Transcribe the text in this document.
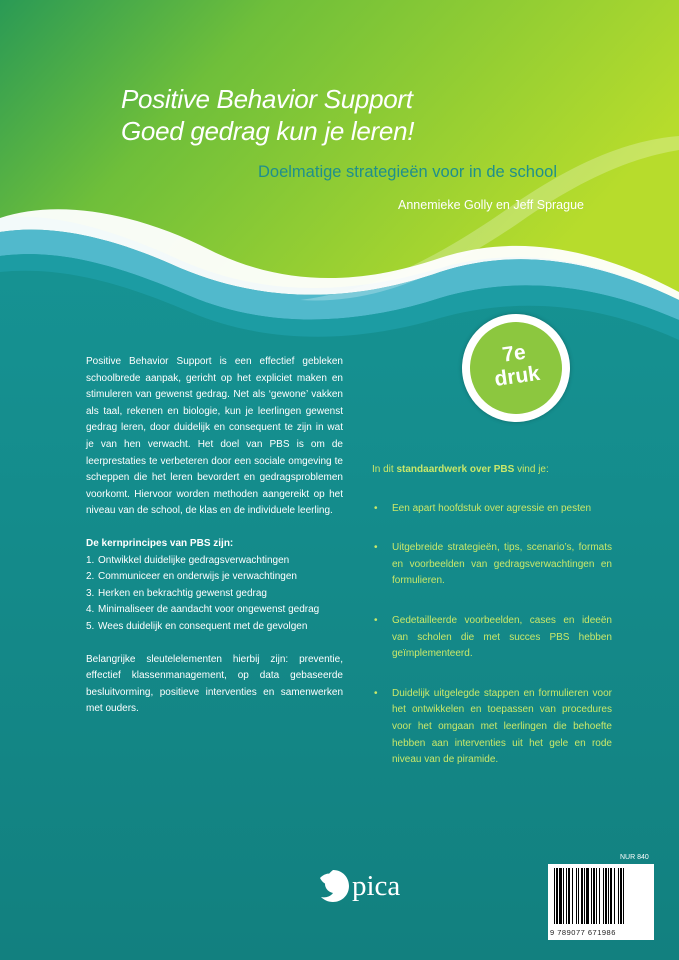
Positive Behavior Support
Goed gedrag kun je leren!
Doelmatige strategieën voor in de school
Annemieke Golly en Jeff Sprague
7e
druk

Positive Behavior Support is een effectief gebleken schoolbrede aanpak, gericht op het expliciet maken en stimuleren van gewenst gedrag. Net als ‘gewone’ vakken als taal, rekenen en biologie, kun je leerlingen gewenst gedrag leren, door duidelijk en consequent te zijn in wat je van hen verwacht. Het doel van PBS is om de leerprestaties te verbeteren door een sociale omgeving te scheppen die het leren bevordert en gedragsproblemen voorkomt. Hiervoor worden methoden aangereikt op het niveau van de school, de klas en de individuele leerling.

De kernprincipes van PBS zijn:

1. Ontwikkel duidelijke gedragsverwachtingen
2. Communiceer en onderwijs je verwachtingen
3. Herken en bekrachtig gewenst gedrag
4. Minimaliseer de aandacht voor ongewenst gedrag
5. Wees duidelijk en consequent met de gevolgen

Belangrijke sleutelelementen hierbij zijn: preventie, effectief klassenmanagement, op data gebaseerde besluitvorming, positieve interventies en samenwerken met ouders.

In dit standaardwerk over PBS vind je:
• Een apart hoofdstuk over agressie en pesten
• Uitgebreide strategieën, tips, scenario’s, formats en voorbeelden van gedragsverwachtingen en formulieren.
• Gedetailleerde voorbeelden, cases en ideeën van scholen die met succes PBS hebben geïmplementeerd.
• Duidelijk uitgelegde stappen en formulieren voor het ontwikkelen en toepassen van procedures voor het omgaan met leerlingen die behoefte hebben aan interventies uit het gele en rode niveau van de piramide.
NUR 840
pica
9 789077 671986
